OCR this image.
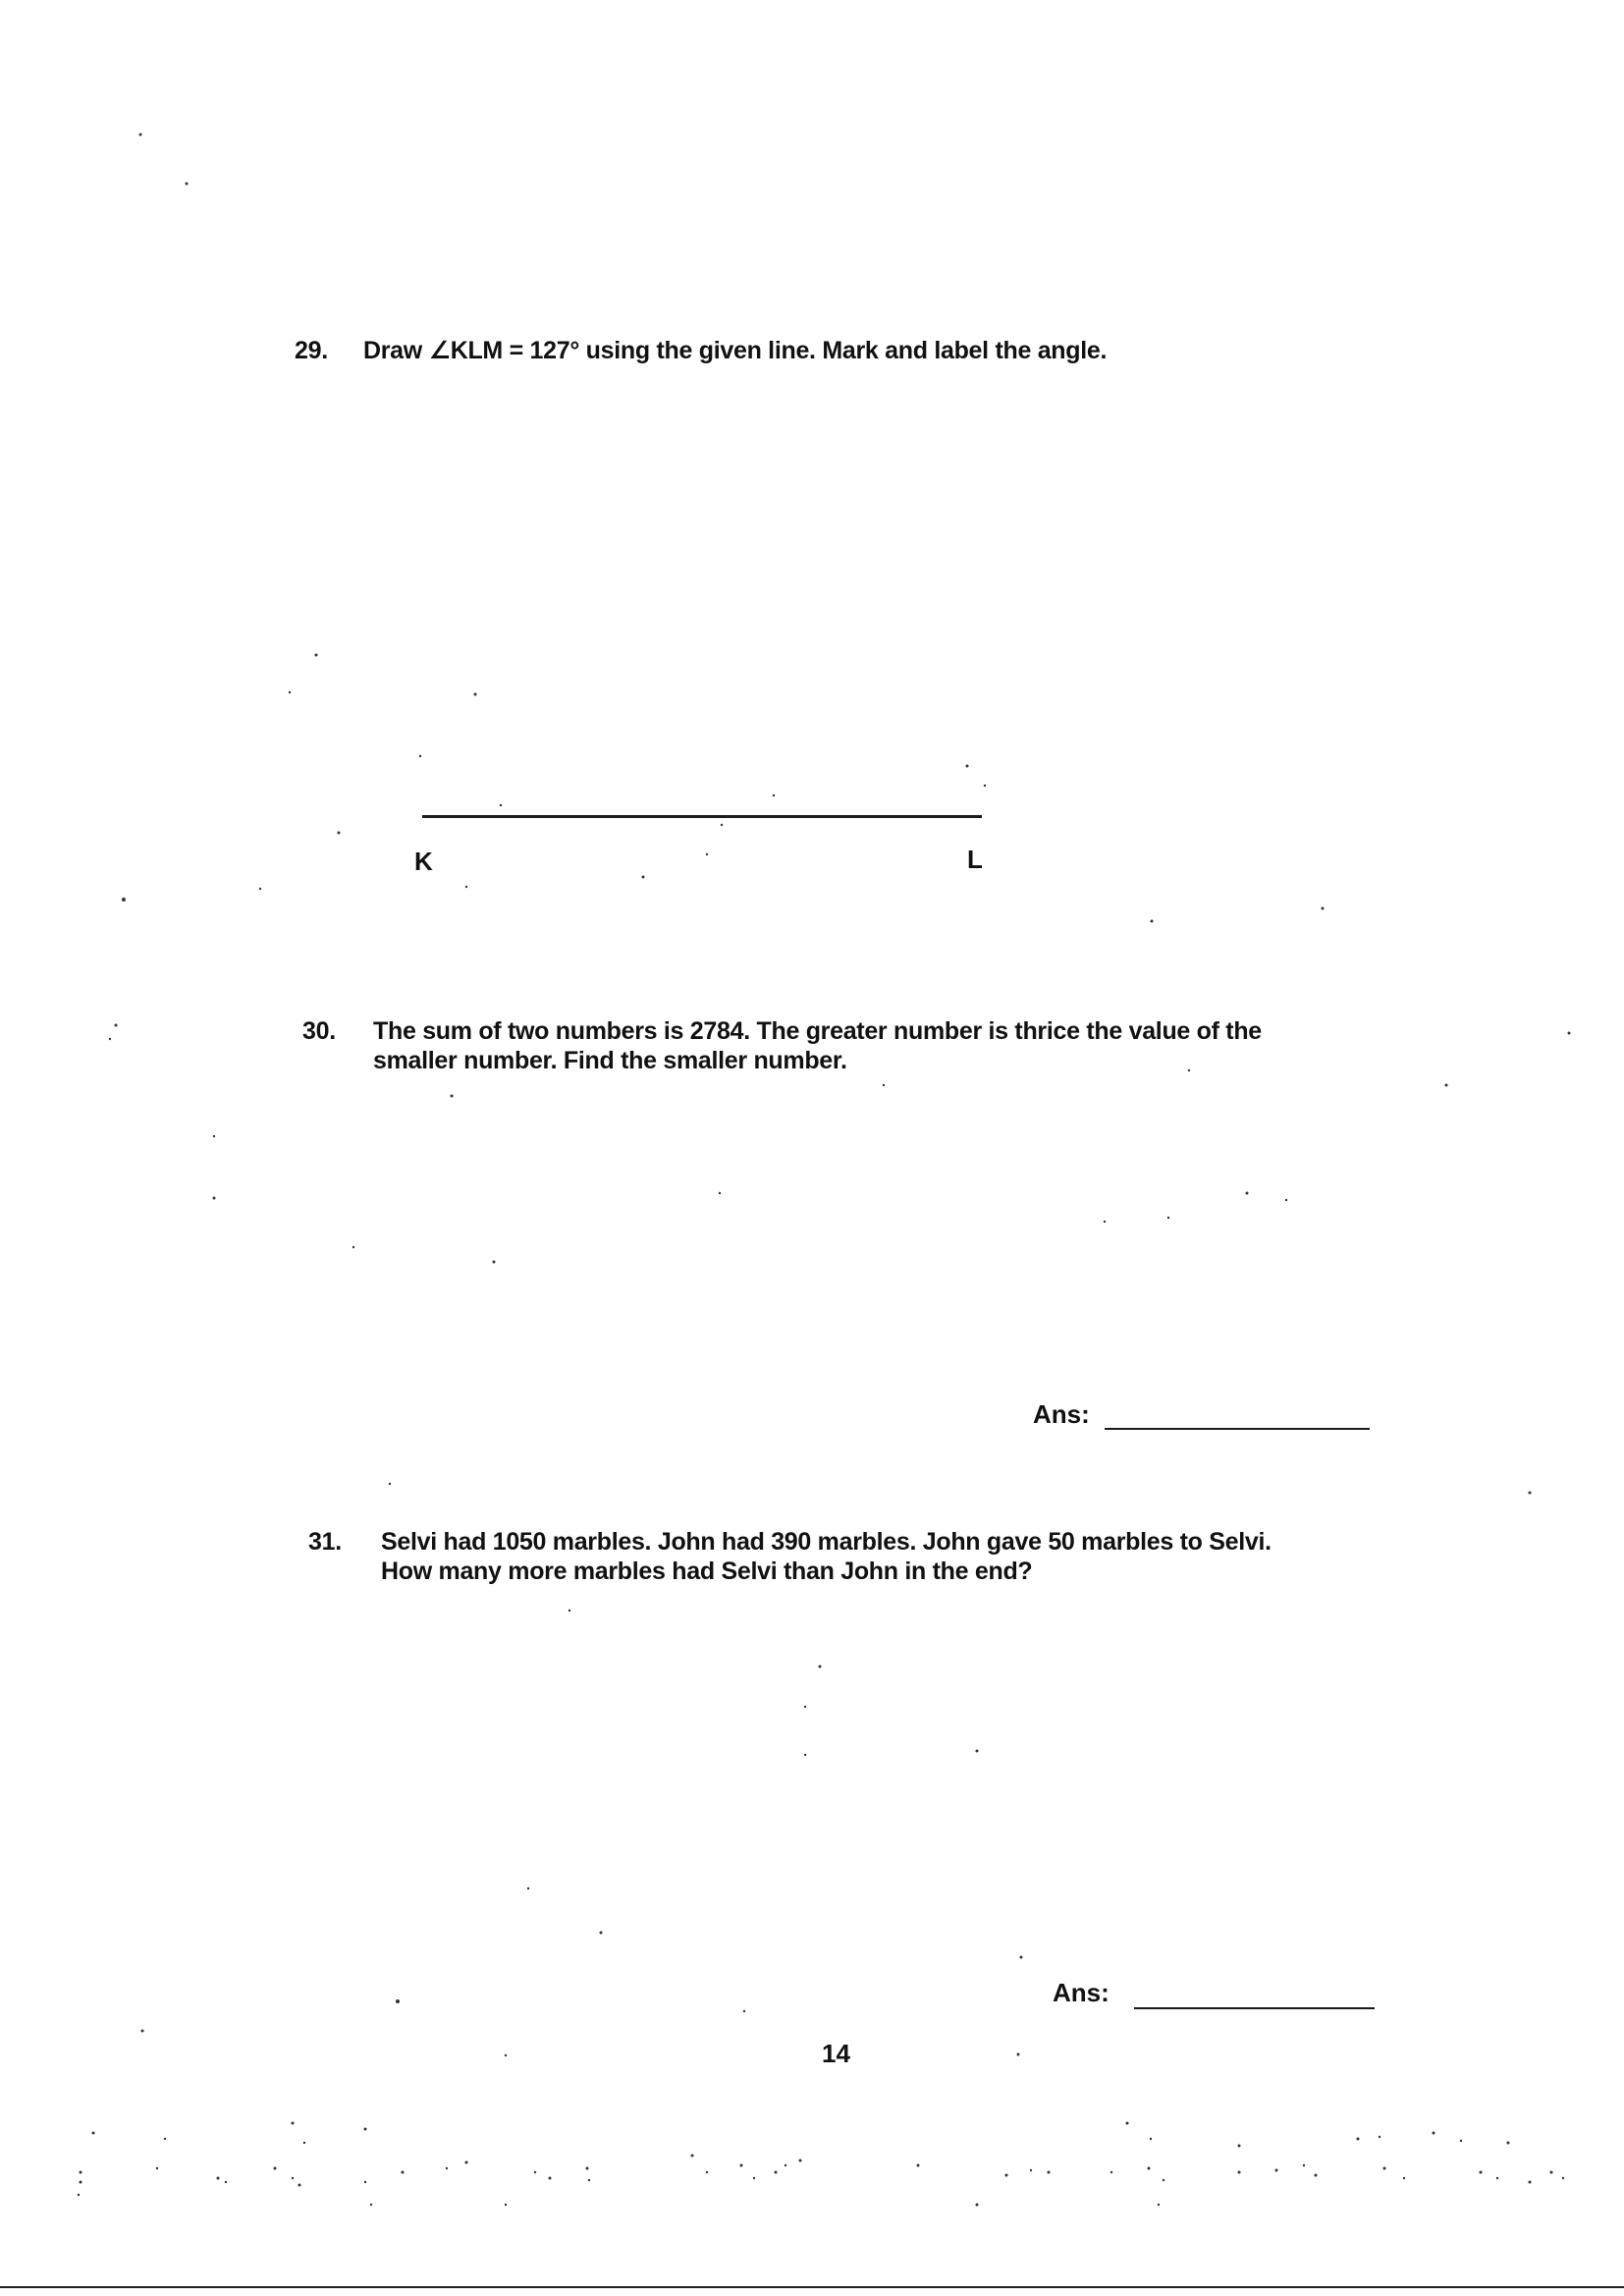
29. Draw ∠KLM = 127° using the given line. Mark and label the angle.
K	L
30. The sum of two numbers is 2784. The greater number is thrice the value of the
smaller number. Find the smaller number.
Ans:
31. Selvi had 1050 marbles. John had 390 marbles. John gave 50 marbles to Selvi.
How many more marbles had Selvi than John in the end?
Ans:
14
